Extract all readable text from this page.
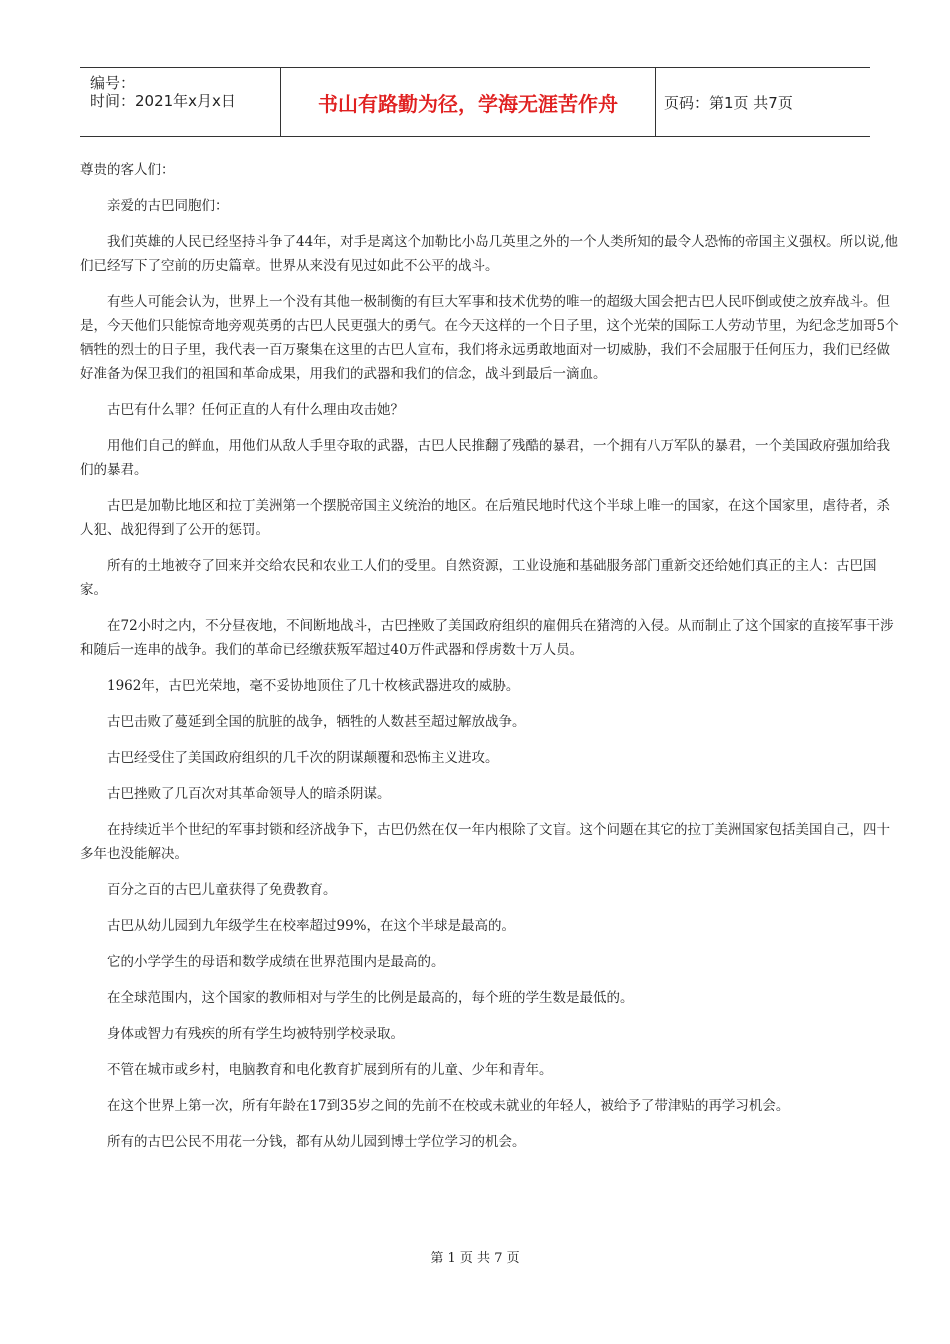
编号：
时间：2021年x月x日	书山有路勤为径，学海无涯苦作舟	页码：第1页 共7页

尊贵的客人们：

亲爱的古巴同胞们：

我们英雄的人民已经坚持斗争了44年，对手是离这个加勒比小岛几英里之外的一个人类所知的最令人恐怖的帝国主义强权。所以说,他们已经写下了空前的历史篇章。世界从来没有见过如此不公平的战斗。

有些人可能会认为，世界上一个没有其他一极制衡的有巨大军事和技术优势的唯一的超级大国会把古巴人民吓倒或使之放弃战斗。但是，今天他们只能惊奇地旁观英勇的古巴人民更强大的勇气。在今天这样的一个日子里，这个光荣的国际工人劳动节里，为纪念芝加哥5个牺牲的烈士的日子里，我代表一百万聚集在这里的古巴人宣布，我们将永远勇敢地面对一切威胁，我们不会屈服于任何压力，我们已经做好准备为保卫我们的祖国和革命成果，用我们的武器和我们的信念，战斗到最后一滴血。

古巴有什么罪？任何正直的人有什么理由攻击她？

用他们自己的鲜血，用他们从敌人手里夺取的武器，古巴人民推翻了残酷的暴君，一个拥有八万军队的暴君，一个美国政府强加给我们的暴君。

古巴是加勒比地区和拉丁美洲第一个摆脱帝国主义统治的地区。在后殖民地时代这个半球上唯一的国家，在这个国家里，虐待者，杀人犯、战犯得到了公开的惩罚。

所有的土地被夺了回来并交给农民和农业工人们的受里。自然资源，工业设施和基础服务部门重新交还给她们真正的主人：古巴国家。

在72小时之内，不分昼夜地，不间断地战斗，古巴挫败了美国政府组织的雇佣兵在猪湾的入侵。从而制止了这个国家的直接军事干涉和随后一连串的战争。我们的革命已经缴获叛军超过40万件武器和俘虏数十万人员。

1962年，古巴光荣地，毫不妥协地顶住了几十枚核武器进攻的威胁。

古巴击败了蔓延到全国的肮脏的战争，牺牲的人数甚至超过解放战争。

古巴经受住了美国政府组织的几千次的阴谋颠覆和恐怖主义进攻。

古巴挫败了几百次对其革命领导人的暗杀阴谋。

在持续近半个世纪的军事封锁和经济战争下，古巴仍然在仅一年内根除了文盲。这个问题在其它的拉丁美洲国家包括美国自己，四十多年也没能解决。

百分之百的古巴儿童获得了免费教育。

古巴从幼儿园到九年级学生在校率超过99%，在这个半球是最高的。

它的小学学生的母语和数学成绩在世界范围内是最高的。

在全球范围内，这个国家的教师相对与学生的比例是最高的，每个班的学生数是最低的。

身体或智力有残疾的所有学生均被特别学校录取。

不管在城市或乡村，电脑教育和电化教育扩展到所有的儿童、少年和青年。

在这个世界上第一次，所有年龄在17到35岁之间的先前不在校或未就业的年轻人，被给予了带津贴的再学习机会。

所有的古巴公民不用花一分钱，都有从幼儿园到博士学位学习的机会。

第 1 页 共 7 页
